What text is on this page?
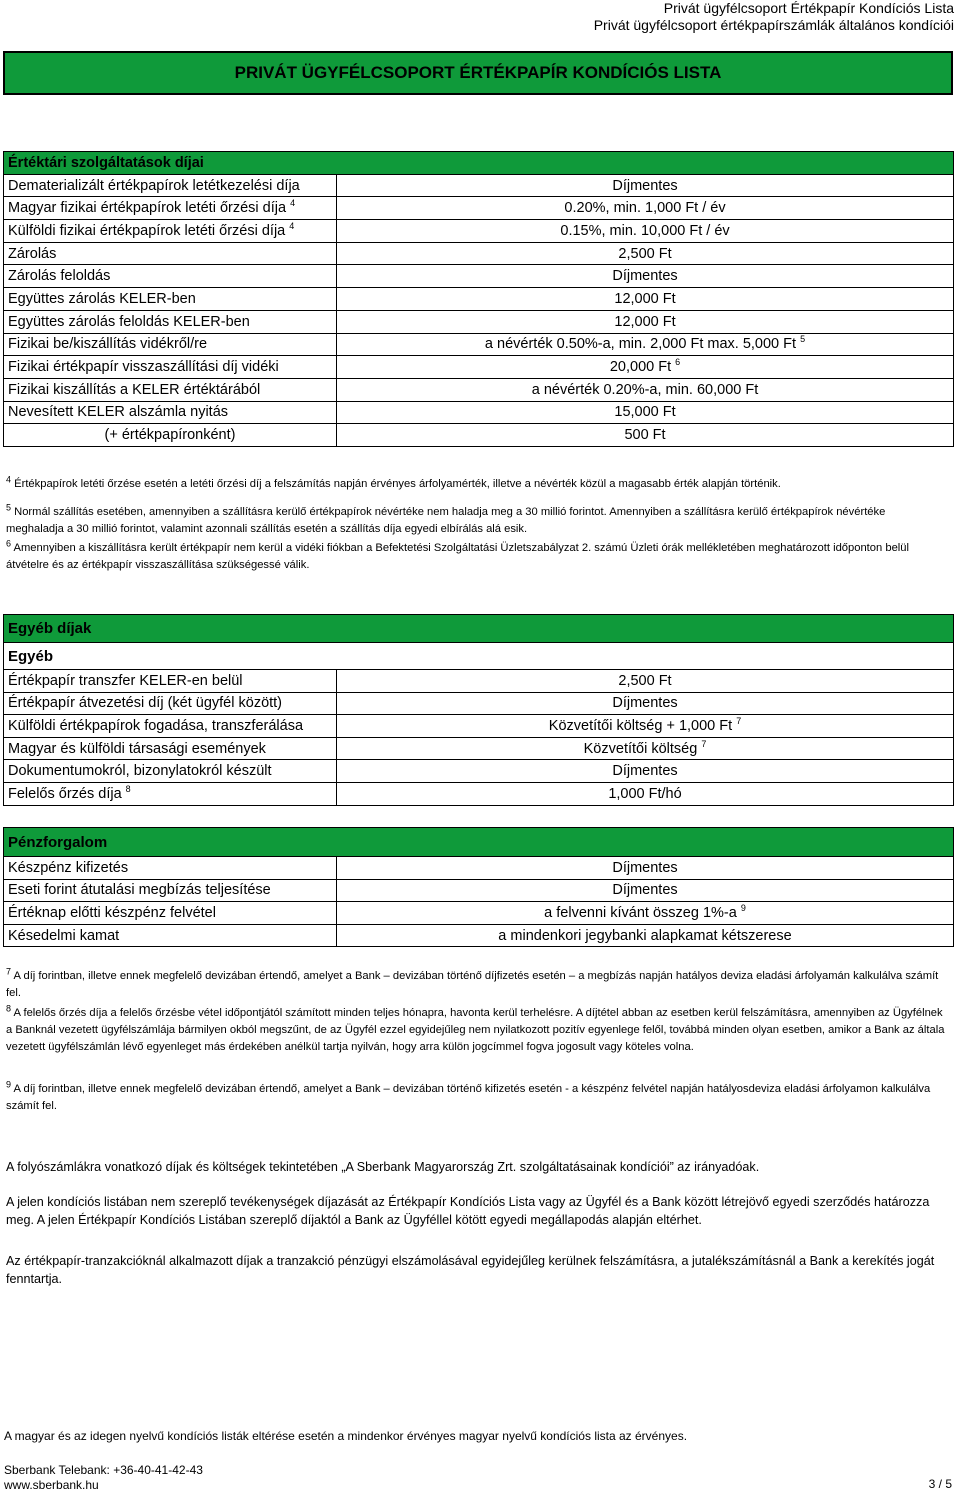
Privát ügyfélcsoport Értékpapír Kondíciós Lista
Privát ügyfélcsoport értékpapírszámlák általános kondíciói
PRIVÁT ÜGYFÉLCSOPORT ÉRTÉKPAPÍR KONDÍCIÓS LISTA
Értéktári szolgáltatások díjai	
Dematerializált értékpapírok letétkezelési díja	Díjmentes
Magyar fizikai értékpapírok letéti őrzési díja $^4$	0.20%, min. 1,000 Ft / év
Külföldi fizikai értékpapírok letéti őrzési díja $^4$	0.15%, min. 10,000 Ft / év
Zárolás	2,500 Ft
Zárolás feloldás	Díjmentes
Együttes zárolás KELER-ben	12,000 Ft
Együttes zárolás feloldás KELER-ben	12,000 Ft
Fizikai be/kiszállítás vidékről/re	a névérték 0.50%-a, min. 2,000 Ft max. 5,000 Ft $^5$
Fizikai értékpapír visszaszállítási díj vidéki	20,000 Ft $^6$
Fizikai kiszállítás a KELER értéktárából	a névérték 0.20%-a, min. 60,000 Ft
Nevesített KELER alszámla nyitás	15,000 Ft
(+ értékpapíronként)	500 Ft
$^4$ Értékpapírok letéti őrzése esetén a letéti őrzési díj a felszámítás napján érvényes árfolyamérték, illetve a névérték közül a magasabb érték alapján történik.
$^5$ Normál szállítás esetében, amennyiben a szállításra kerülő értékpapírok névértéke nem haladja meg a 30 millió forintot. Amennyiben a szállításra kerülő értékpapírok névértéke meghaladja a 30 millió forintot, valamint azonnali szállítás esetén a szállítás díja egyedi elbírálás alá esik.
$^6$ Amennyiben a kiszállításra került értékpapír nem kerül a vidéki fiókban a Befektetési Szolgáltatási Üzletszabályzat 2. számú Üzleti órák mellékletében meghatározott időponton belül átvételre és az értékpapír visszaszállítása szükségessé válik.
Egyéb díjak	
Egyéb	
Értékpapír transzfer KELER-en belül	2,500 Ft
Értékpapír átvezetési díj (két ügyfél között)	Díjmentes
Külföldi értékpapírok fogadása, transzferálása	Közvetítői költség + 1,000 Ft $^7$
Magyar és külföldi társasági események	Közvetítői költség $^7$
Dokumentumokról, bizonylatokról készült	Díjmentes
Felelős őrzés díja $^8$	1,000 Ft/hó
Pénzforgalom	
Készpénz kifizetés	Díjmentes
Eseti forint átutalási megbízás teljesítése	Díjmentes
Értéknap előtti készpénz felvétel	a felvenni kívánt összeg 1%-a $^9$
Késedelmi kamat	a mindenkori jegybanki alapkamat kétszerese
$^7$ A díj forintban, illetve ennek megfelelő devizában értendő, amelyet a Bank – devizában történő díjfizetés esetén – a megbízás napján hatályos deviza eladási árfolyamán kalkulálva számít fel.
$^8$ A felelős őrzés díja a felelős őrzésbe vétel időpontjától számított minden teljes hónapra, havonta kerül terhelésre. A díjtétel abban az esetben kerül felszámításra, amennyiben az Ügyfélnek a Banknál vezetett ügyfélszámlája bármilyen okból megszűnt, de az Ügyfél ezzel egyidejűleg nem nyilatkozott pozitív egyenlege felől, továbbá minden olyan esetben, amikor a Bank az általa vezetett ügyfélszámlán lévő egyenleget más érdekében anélkül tartja nyilván, hogy arra külön jogcímmel fogva jogosult vagy köteles volna.
$^9$ A díj forintban, illetve ennek megfelelő devizában értendő, amelyet a Bank – devizában történő kifizetés esetén - a készpénz felvétel napján hatályosdeviza eladási árfolyamon kalkulálva számít fel.
A folyószámlákra vonatkozó díjak és költségek tekintetében „A Sberbank Magyarország Zrt. szolgáltatásainak kondíciói” az irányadóak.
A jelen kondíciós listában nem szereplő tevékenységek díjazását az Értékpapír Kondíciós Lista vagy az Ügyfél és a Bank között létrejövő egyedi szerződés határozza meg. A jelen Értékpapír Kondíciós Listában szereplő díjaktól a Bank az Ügyféllel kötött egyedi megállapodás alapján eltérhet.
Az értékpapír-tranzakcióknál alkalmazott díjak a tranzakció pénzügyi elszámolásával egyidejűleg kerülnek felszámításra, a jutalékszámításnál a Bank a kerekítés jogát fenntartja.
A magyar és az idegen nyelvű kondíciós listák eltérése esetén a mindenkor érvényes magyar nyelvű kondíciós lista az érvényes.
Sberbank Telebank: +36-40-41-42-43
www.sberbank.hu	3 / 5
